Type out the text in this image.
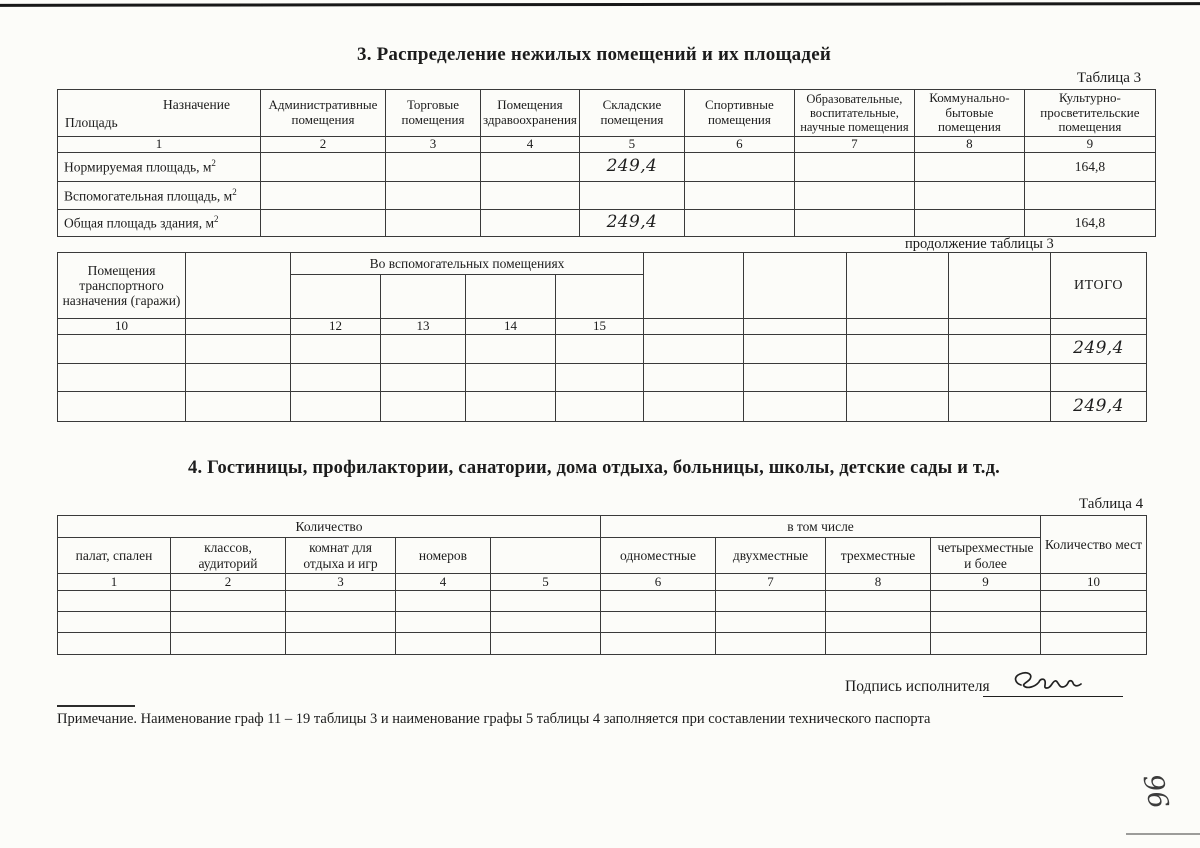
3. Распределение нежилых помещений и их площадей
Таблица 3
Назначение
Площадь	Административные помещения	Торговые помещения	Помещения здравоохранения	Складские помещения	Спортивные помещения	Образовательные, воспитательные, научные помещения	Коммунально-бытовые помещения	Культурно-просветительские помещения
1	2	3	4	5	6	7	8	9
Нормируемая площадь, $м^2$				249,4				164,8
Вспомогательная площадь, $м^2$								
Общая площадь здания, $м^2$				249,4				164,8
продолжение таблицы 3
Помещения транспортного назначения (гаражи)		Во вспомогательных помещениях								ИТОГО

10		12	13	14	15					
										249,4

										249,4
4. Гостиницы, профилактории, санатории, дома отдыха, больницы, школы, детские сады и т.д.
Таблица 4
Количество					в том числе				Количество мест
палат, спален	классов, аудиторий	комнат для отдыха и игр	номеров		одноместные	двухместные	трехместные	четырехместные и более	
1	2	3	4	5	6	7	8	9	10

Подпись исполнителя
Примечание. Наименование граф 11 – 19 таблицы 3 и наименование графы 5 таблицы 4 заполняется при составлении технического паспорта
96
